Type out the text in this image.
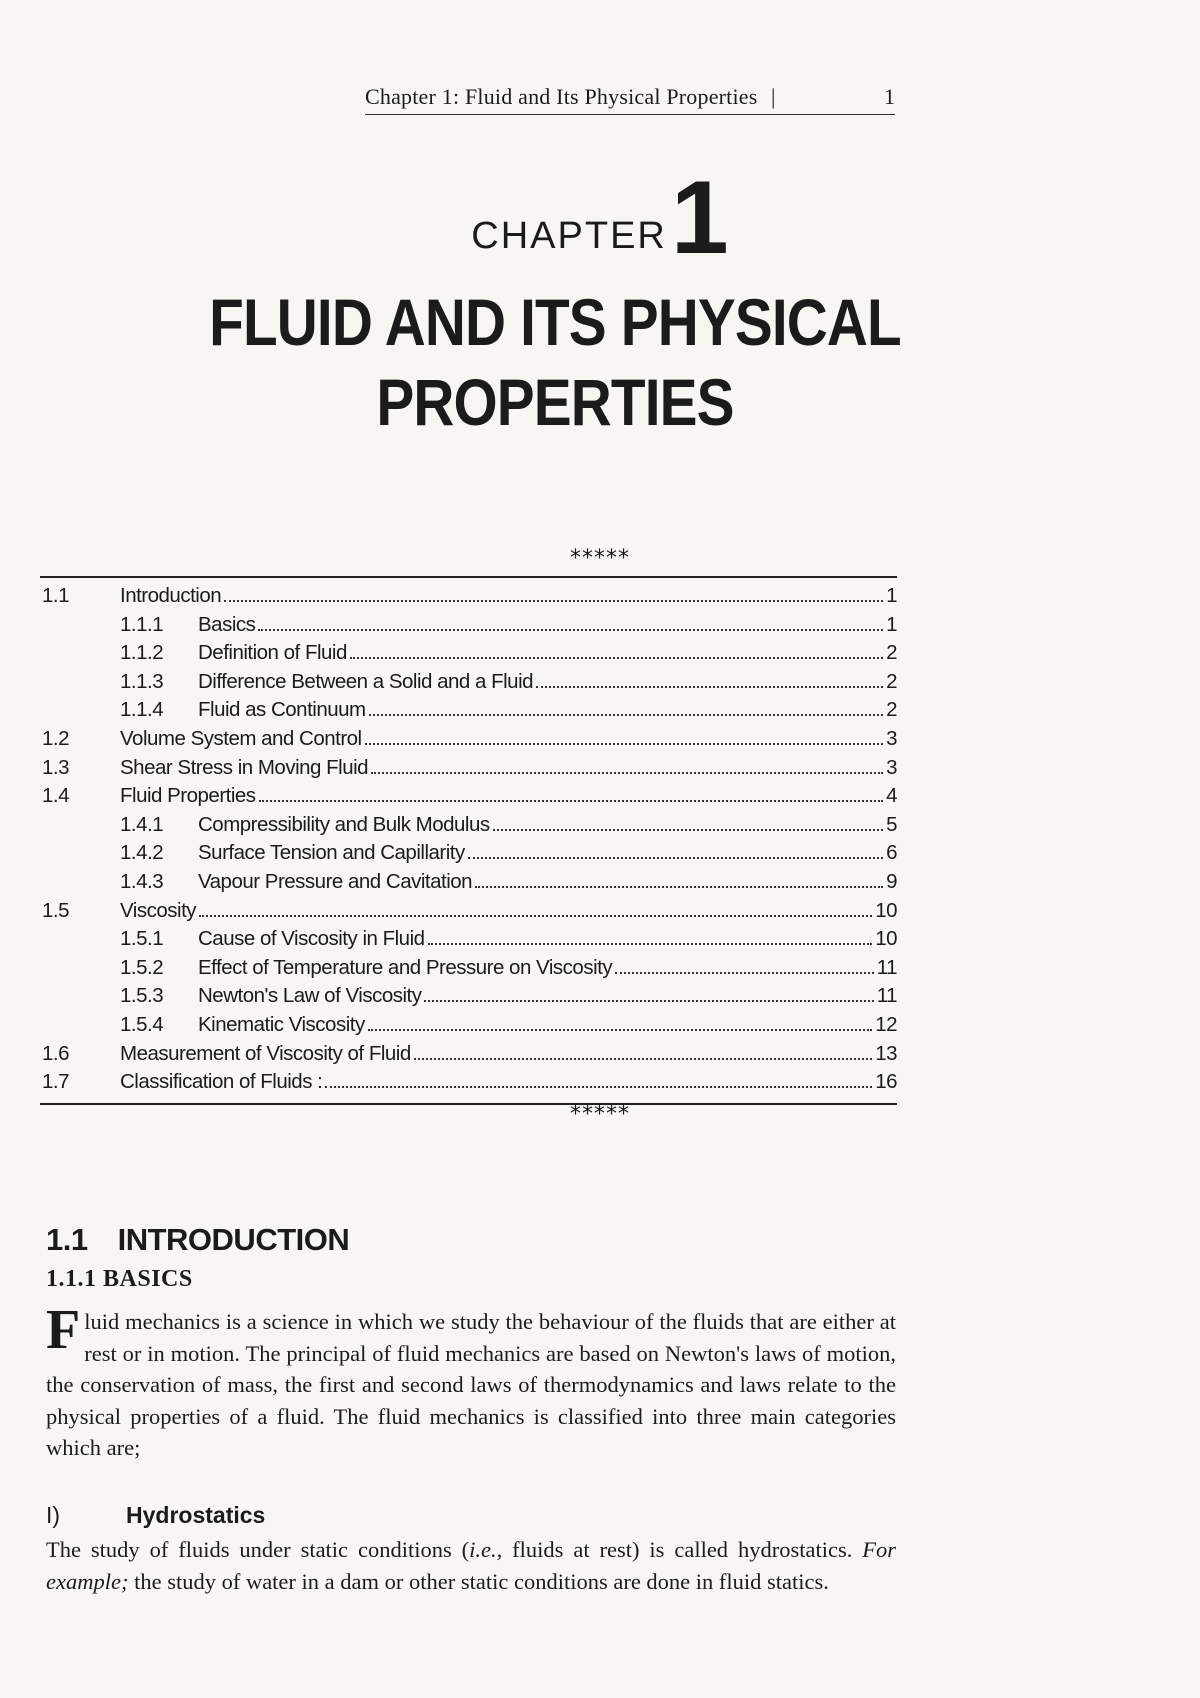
Chapter 1: Fluid and Its Physical Properties |	1
CHAPTER1
FLUID AND ITS PHYSICAL
PROPERTIES
*****
1.1	Introduction	1
1.1.1	Basics	1
1.1.2	Definition of Fluid	2
1.1.3	Difference Between a Solid and a Fluid	2
1.1.4	Fluid as Continuum	2
1.2	Volume System and Control	3
1.3	Shear Stress in Moving Fluid	3
1.4	Fluid Properties	4
1.4.1	Compressibility and Bulk Modulus	5
1.4.2	Surface Tension and Capillarity	6
1.4.3	Vapour Pressure and Cavitation	9
1.5	Viscosity	10
1.5.1	Cause of Viscosity in Fluid	10
1.5.2	Effect of Temperature and Pressure on Viscosity	11
1.5.3	Newton's Law of Viscosity	11
1.5.4	Kinematic Viscosity	12
1.6	Measurement of Viscosity of Fluid	13
1.7	Classification of Fluids :	16
*****
1.1 INTRODUCTION
1.1.1 BASICS
Fluid mechanics is a science in which we study the behaviour of the fluids that are either at rest or in motion. The principal of fluid mechanics are based on Newton's laws of motion, the conservation of mass, the first and second laws of thermodynamics and laws relate to the physical properties of a fluid. The fluid mechanics is classified into three main categories which are;
I)	Hydrostatics
The study of fluids under static conditions (i.e., fluids at rest) is called hydrostatics. For example; the study of water in a dam or other static conditions are done in fluid statics.
